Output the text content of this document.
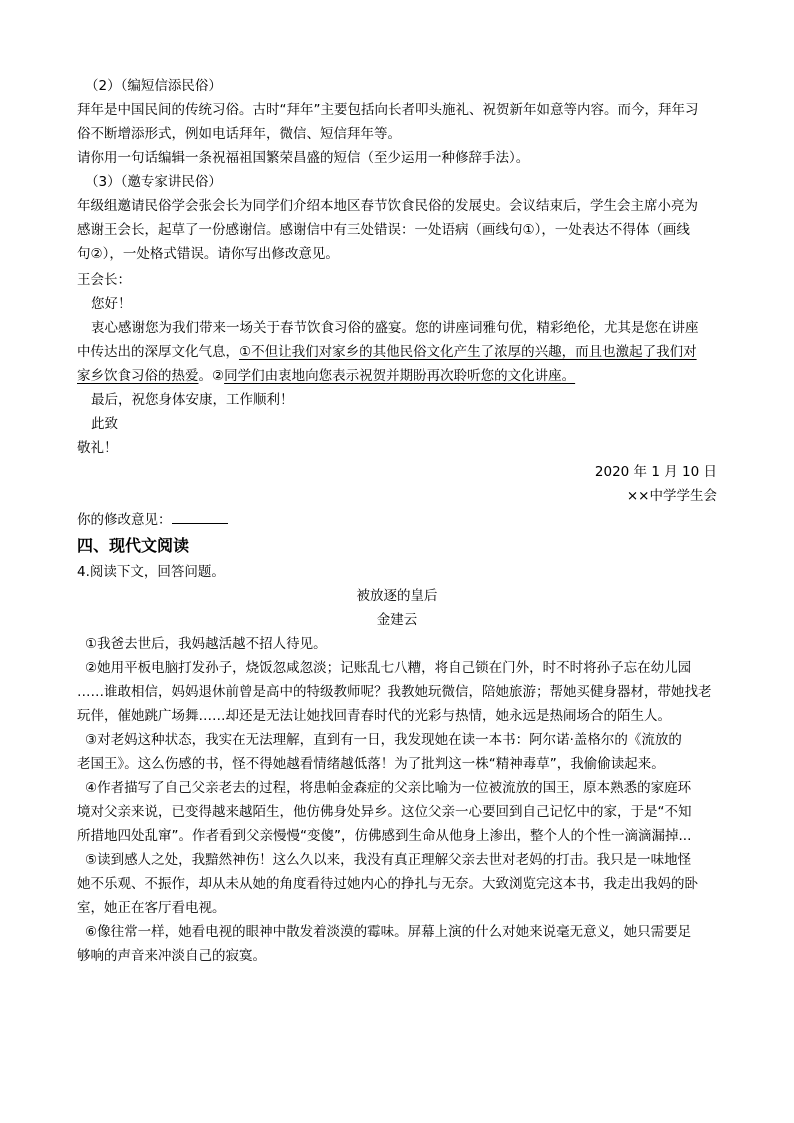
（2）（编短信添民俗）

拜年是中国民间的传统习俗。古时“拜年”主要包括向长者叩头施礼、祝贺新年如意等内容。而今，拜年习

俗不断增添形式，例如电话拜年，微信、短信拜年等。

请你用一句话编辑一条祝福祖国繁荣昌盛的短信（至少运用一种修辞手法）。

（3）（邀专家讲民俗）

年级组邀请民俗学会张会长为同学们介绍本地区春节饮食民俗的发展史。会议结束后，学生会主席小亮为

感谢王会长，起草了一份感谢信。感谢信中有三处错误：一处语病（画线句①），一处表达不得体（画线

句②），一处格式错误。请你写出修改意见。

王会长：

您好！

衷心感谢您为我们带来一场关于春节饮食习俗的盛宴。您的讲座词雅句优，精彩绝伦，尤其是您在讲座

中传达出的深厚文化气息，①不但让我们对家乡的其他民俗文化产生了浓厚的兴趣，而且也激起了我们对

家乡饮食习俗的热爱。②同学们由衷地向您表示祝贺并期盼再次聆听您的文化讲座。

最后，祝您身体安康，工作顺利！

此致

敬礼！

2020 年 1 月 10 日

××中学学生会

你的修改意见：

四、现代文阅读

4.阅读下文，回答问题。

被放逐的皇后

金建云

①我爸去世后，我妈越活越不招人待见。

②她用平板电脑打发孙子，烧饭忽咸忽淡；记账乱七八糟，将自己锁在门外，时不时将孙子忘在幼儿园

……谁敢相信，妈妈退休前曾是高中的特级教师呢？我教她玩微信，陪她旅游；帮她买健身器材，带她找老

玩伴，催她跳广场舞……却还是无法让她找回青春时代的光彩与热情，她永远是热闹场合的陌生人。

③对老妈这种状态，我实在无法理解，直到有一日，我发现她在读一本书：阿尔诺·盖格尔的《流放的

老国王》。这么伤感的书，怪不得她越看情绪越低落！为了批判这一株“精神毒草”，我偷偷读起来。

④作者描写了自己父亲老去的过程，将患帕金森症的父亲比喻为一位被流放的国王，原本熟悉的家庭环

境对父亲来说，已变得越来越陌生，他仿佛身处异乡。这位父亲一心要回到自己记忆中的家，于是“不知

所措地四处乱窜”。作者看到父亲慢慢“变傻”，仿佛感到生命从他身上渗出，整个人的个性一滴滴漏掉...

⑤读到感人之处，我黯然神伤！这么久以来，我没有真正理解父亲去世对老妈的打击。我只是一味地怪

她不乐观、不振作，却从未从她的角度看待过她内心的挣扎与无奈。大致浏览完这本书，我走出我妈的卧

室，她正在客厅看电视。

⑥像往常一样，她看电视的眼神中散发着淡漠的霉味。屏幕上演的什么对她来说毫无意义，她只需要足

够响的声音来冲淡自己的寂寞。
